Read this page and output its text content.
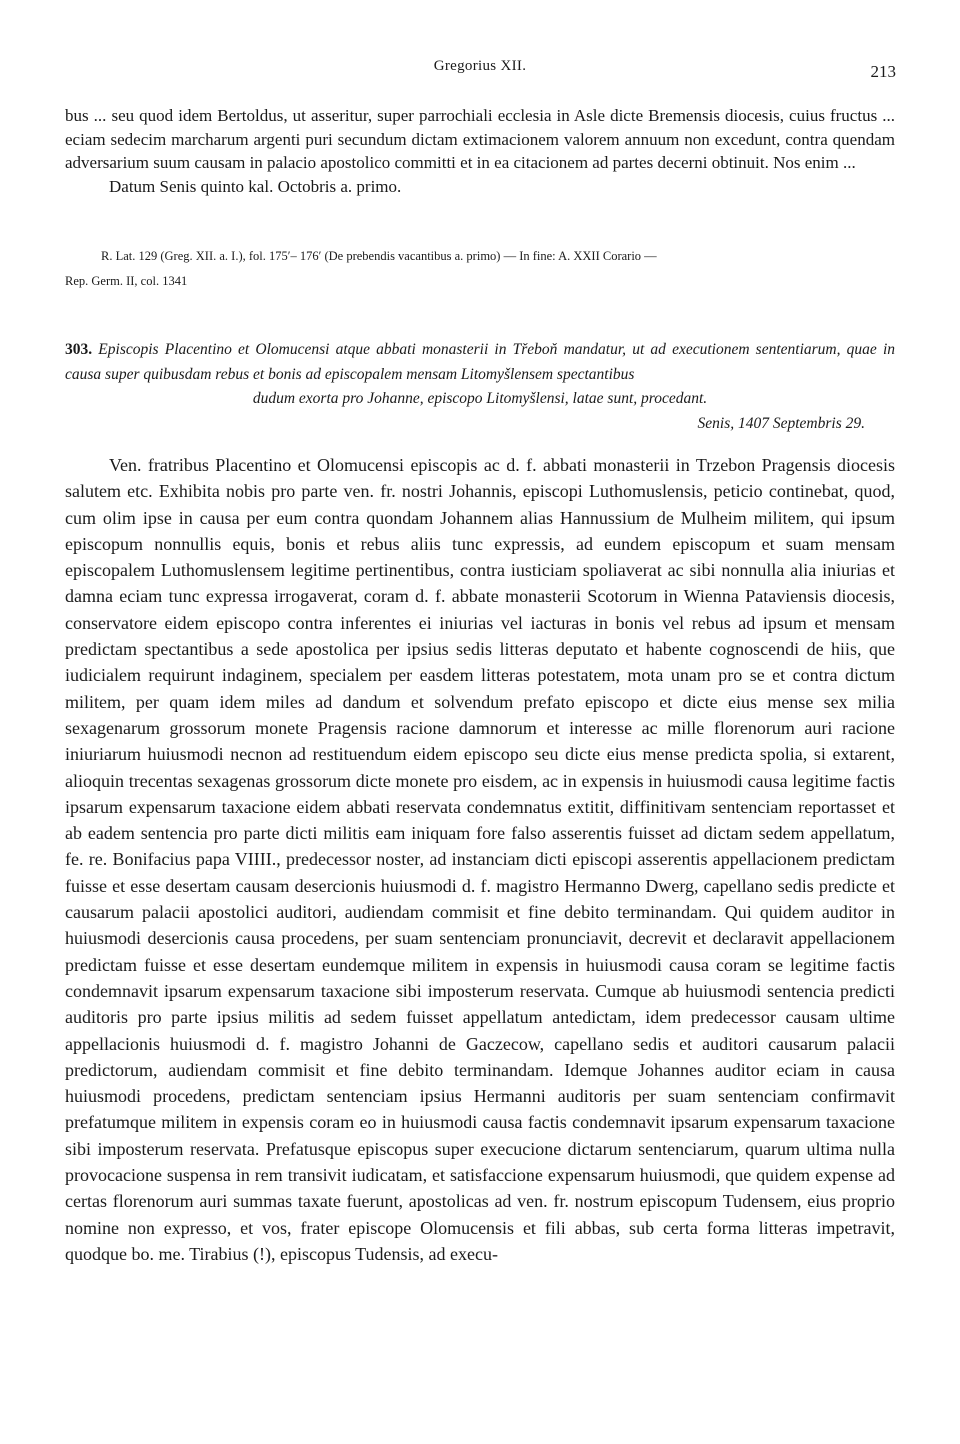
Gregorius XII.	213

bus ... seu quod idem Bertoldus, ut asseritur, super parrochiali ecclesia in Asle dicte Bremensis diocesis, cuius fructus ... eciam sedecim marcharum argenti puri secundum dictam extimacionem valorem annuum non excedunt, contra quendam adversarium suum causam in palacio apostolico committi et in ea citacionem ad partes decerni obtinuit. Nos enim ...

Datum Senis quinto kal. Octobris a. primo.

R. Lat. 129 (Greg. XII. a. I.), fol. 175′– 176′ (De prebendis vacantibus a. primo) — In fine: A. XXII Corario —

Rep. Germ. II, col. 1341

303. Episcopis Placentino et Olomucensi atque abbati monasterii in Třeboň mandatur, ut ad executionem sententiarum, quae in causa super quibusdam rebus et bonis ad episcopalem mensam Litomyšlensem spectantibus

dudum exorta pro Johanne, episcopo Litomyšlensi, latae sunt, procedant.

Senis, 1407 Septembris 29.

Ven. fratribus Placentino et Olomucensi episcopis ac d. f. abbati monasterii in Trzebon Pragensis diocesis salutem etc. Exhibita nobis pro parte ven. fr. nostri Johannis, episcopi Luthomuslensis, peticio continebat, quod, cum olim ipse in causa per eum contra quondam Johannem alias Hannussium de Mulheim militem, qui ipsum episcopum nonnullis equis, bonis et rebus aliis tunc expressis, ad eundem episcopum et suam mensam episcopalem Luthomuslensem legitime pertinentibus, contra iusticiam spoliaverat ac sibi nonnulla alia iniurias et damna eciam tunc expressa irrogaverat, coram d. f. abbate monasterii Scotorum in Wienna Pataviensis diocesis, conservatore eidem episcopo contra inferentes ei iniurias vel iacturas in bonis vel rebus ad ipsum et mensam predictam spectantibus a sede apostolica per ipsius sedis litteras deputato et habente cognoscendi de hiis, que iudicialem requirunt indaginem, specialem per easdem litteras potestatem, mota unam pro se et contra dictum militem, per quam idem miles ad dandum et solvendum prefato episcopo et dicte eius mense sex milia sexagenarum grossorum monete Pragensis racione damnorum et interesse ac mille florenorum auri racione iniuriarum huiusmodi necnon ad restituendum eidem episcopo seu dicte eius mense predicta spolia, si extarent, alioquin trecentas sexagenas grossorum dicte monete pro eisdem, ac in expensis in huiusmodi causa legitime factis ipsarum expensarum taxacione eidem abbati reservata condemnatus extitit, diffinitivam sentenciam reportasset et ab eadem sentencia pro parte dicti militis eam iniquam fore falso asserentis fuisset ad dictam sedem appellatum, fe. re. Bonifacius papa VIIII., predecessor noster, ad instanciam dicti episcopi asserentis appellacionem predictam fuisse et esse desertam causam desercionis huiusmodi d. f. magistro Hermanno Dwerg, capellano sedis predicte et causarum palacii apostolici auditori, audiendam commisit et fine debito terminandam. Qui quidem auditor in huiusmodi desercionis causa procedens, per suam sentenciam pronunciavit, decrevit et declaravit appellacionem predictam fuisse et esse desertam eundemque militem in expensis in huiusmodi causa coram se legitime factis condemnavit ipsarum expensarum taxacione sibi imposterum reservata. Cumque ab huiusmodi sentencia predicti auditoris pro parte ipsius militis ad sedem fuisset appellatum antedictam, idem predecessor causam ultime appellacionis huiusmodi d. f. magistro Johanni de Gaczecow, capellano sedis et auditori causarum palacii predictorum, audiendam commisit et fine debito terminandam. Idemque Johannes auditor eciam in causa huiusmodi procedens, predictam sentenciam ipsius Hermanni auditoris per suam sentenciam confirmavit prefatumque militem in expensis coram eo in huiusmodi causa factis condemnavit ipsarum expensarum taxacione sibi imposterum reservata. Prefatusque episcopus super execucione dictarum sentenciarum, quarum ultima nulla provocacione suspensa in rem transivit iudicatam, et satisfaccione expensarum huiusmodi, que quidem expense ad certas florenorum auri summas taxate fuerunt, apostolicas ad ven. fr. nostrum episcopum Tudensem, eius proprio nomine non expresso, et vos, frater episcope Olomucensis et fili abbas, sub certa forma litteras impetravit, quodque bo. me. Tirabius (!), episcopus Tudensis, ad execu-
